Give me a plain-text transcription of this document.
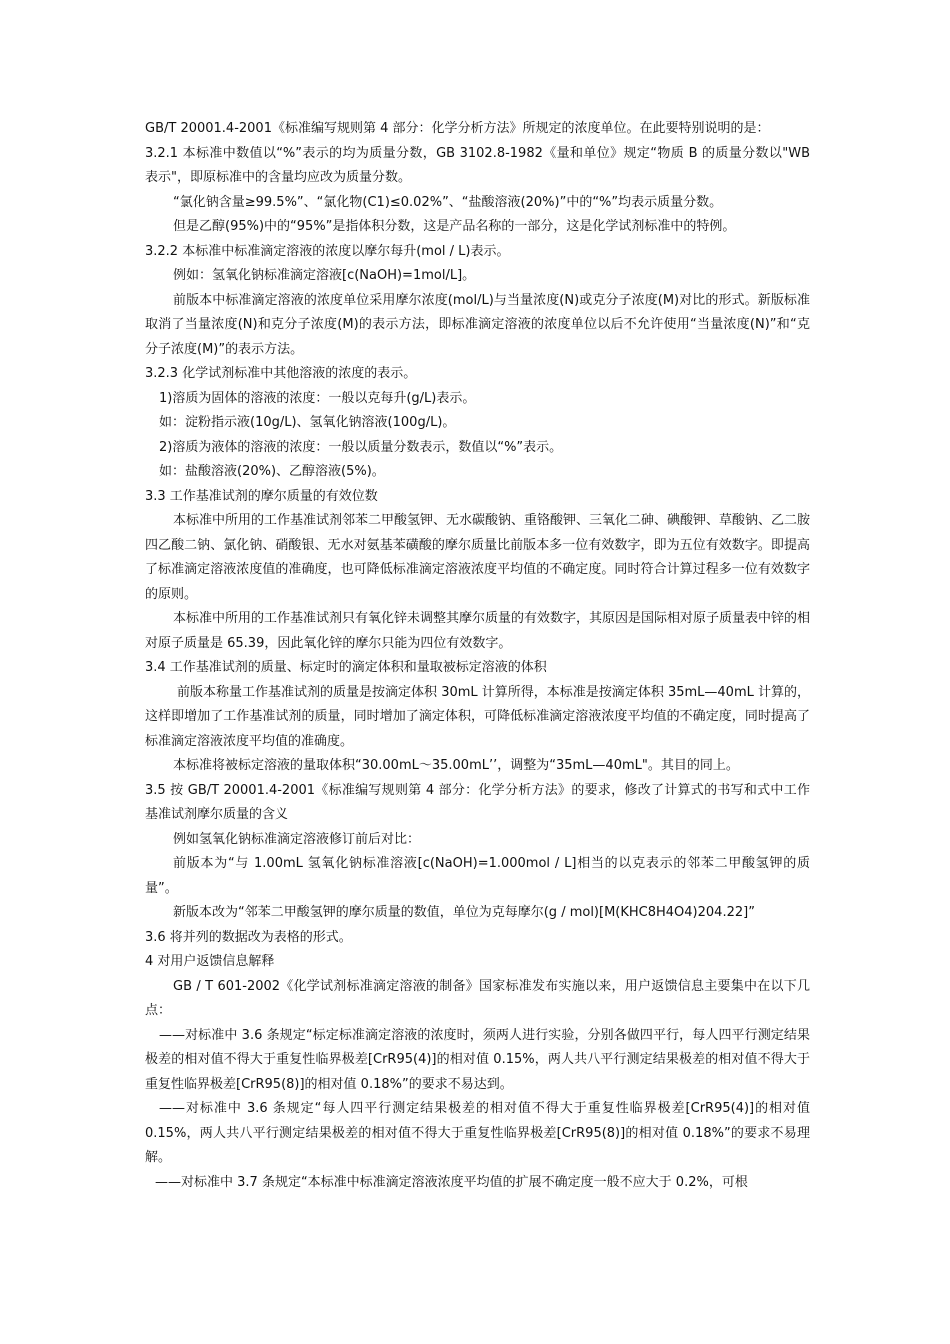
GB/T 20001.4-2001《标准编写规则第 4 部分：化学分析方法》所规定的浓度单位。在此要特别说明的是：

3.2.1 本标准中数值以“%”表示的均为质量分数，GB 3102.8-1982《量和单位》规定“物质 B 的质量分数以"WB 表示"，即原标准中的含量均应改为质量分数。

“氯化钠含量≥99.5%”、“氯化物(C1)≤0.02%”、“盐酸溶液(20%)”中的“%”均表示质量分数。

但是乙醇(95%)中的“95%”是指体积分数，这是产品名称的一部分，这是化学试剂标准中的特例。

3.2.2 本标准中标准滴定溶液的浓度以摩尔每升(mol / L)表示。

例如：氢氧化钠标准滴定溶液[c(NaOH)=1mol/L]。

前版本中标准滴定溶液的浓度单位采用摩尔浓度(mol/L)与当量浓度(N)或克分子浓度(M)对比的形式。新版标准取消了当量浓度(N)和克分子浓度(M)的表示方法，即标准滴定溶液的浓度单位以后不允许使用“当量浓度(N)”和“克分子浓度(M)”的表示方法。

3.2.3 化学试剂标准中其他溶液的浓度的表示。

1)溶质为固体的溶液的浓度：一般以克每升(g/L)表示。

如：淀粉指示液(10g/L)、氢氧化钠溶液(100g/L)。

2)溶质为液体的溶液的浓度：一般以质量分数表示，数值以“%”表示。

如：盐酸溶液(20%)、乙醇溶液(5%)。

3.3 工作基准试剂的摩尔质量的有效位数

本标准中所用的工作基准试剂邻苯二甲酸氢钾、无水碳酸钠、重铬酸钾、三氧化二砷、碘酸钾、草酸钠、乙二胺四乙酸二钠、氯化钠、硝酸银、无水对氨基苯磺酸的摩尔质量比前版本多一位有效数字，即为五位有效数字。即提高了标准滴定溶液浓度值的准确度，也可降低标准滴定溶液浓度平均值的不确定度。同时符合计算过程多一位有效数字的原则。

本标准中所用的工作基准试剂只有氧化锌未调整其摩尔质量的有效数字，其原因是国际相对原子质量表中锌的相对原子质量是 65.39，因此氧化锌的摩尔只能为四位有效数字。

3.4 工作基准试剂的质量、标定时的滴定体积和量取被标定溶液的体积

前版本称量工作基准试剂的质量是按滴定体积 30mL 计算所得，本标准是按滴定体积 35mL—40mL 计算的，这样即增加了工作基准试剂的质量，同时增加了滴定体积，可降低标准滴定溶液浓度平均值的不确定度，同时提高了标准滴定溶液浓度平均值的准确度。

本标准将被标定溶液的量取体积“30.00mL～35.00mL’’，调整为“35mL—40mL"。其目的同上。

3.5 按 GB/T 20001.4-2001《标准编写规则第 4 部分：化学分析方法》的要求，修改了计算式的书写和式中工作基准试剂摩尔质量的含义

例如氢氧化钠标准滴定溶液修订前后对比：

前版本为“与 1.00mL 氢氧化钠标准溶液[c(NaOH)=1.000mol / L]相当的以克表示的邻苯二甲酸氢钾的质量”。

新版本改为“邻苯二甲酸氢钾的摩尔质量的数值，单位为克每摩尔(g / mol)[M(KHC8H4O4)204.22]”

3.6 将并列的数据改为表格的形式。

4 对用户返馈信息解释

GB / T 601-2002《化学试剂标准滴定溶液的制备》国家标准发布实施以来，用户返馈信息主要集中在以下几点：

——对标准中 3.6 条规定“标定标准滴定溶液的浓度时，须两人进行实验，分别各做四平行，每人四平行测定结果极差的相对值不得大于重复性临界极差[CrR95(4)]的相对值 0.15%，两人共八平行测定结果极差的相对值不得大于重复性临界极差[CrR95(8)]的相对值 0.18%”的要求不易达到。

——对标准中 3.6 条规定“每人四平行测定结果极差的相对值不得大于重复性临界极差[CrR95(4)]的相对值 0.15%，两人共八平行测定结果极差的相对值不得大于重复性临界极差[CrR95(8)]的相对值 0.18%”的要求不易理解。

——对标准中 3.7 条规定“本标准中标准滴定溶液浓度平均值的扩展不确定度一般不应大于 0.2%，可根
